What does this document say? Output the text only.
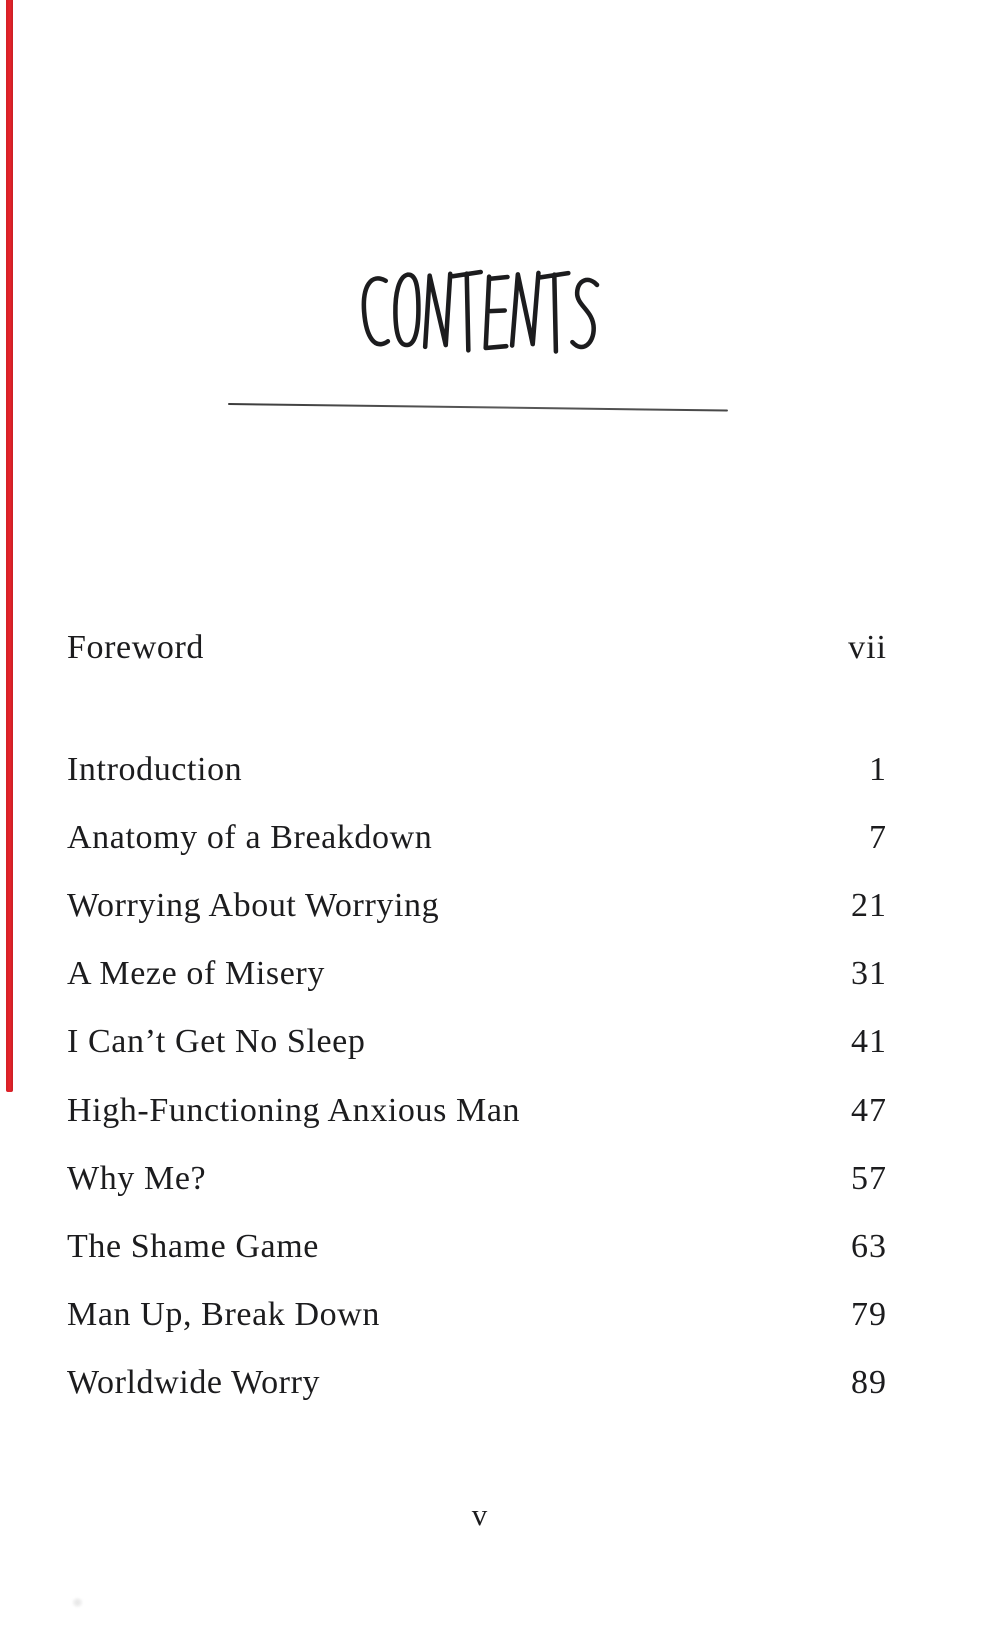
Foreword	vii
Introduction	1
Anatomy of a Breakdown	7
Worrying About Worrying	21
A Meze of Misery	31
I Can’t Get No Sleep	41
High-Functioning Anxious Man	47
Why Me?	57
The Shame Game	63
Man Up, Break Down	79
Worldwide Worry	89
v
